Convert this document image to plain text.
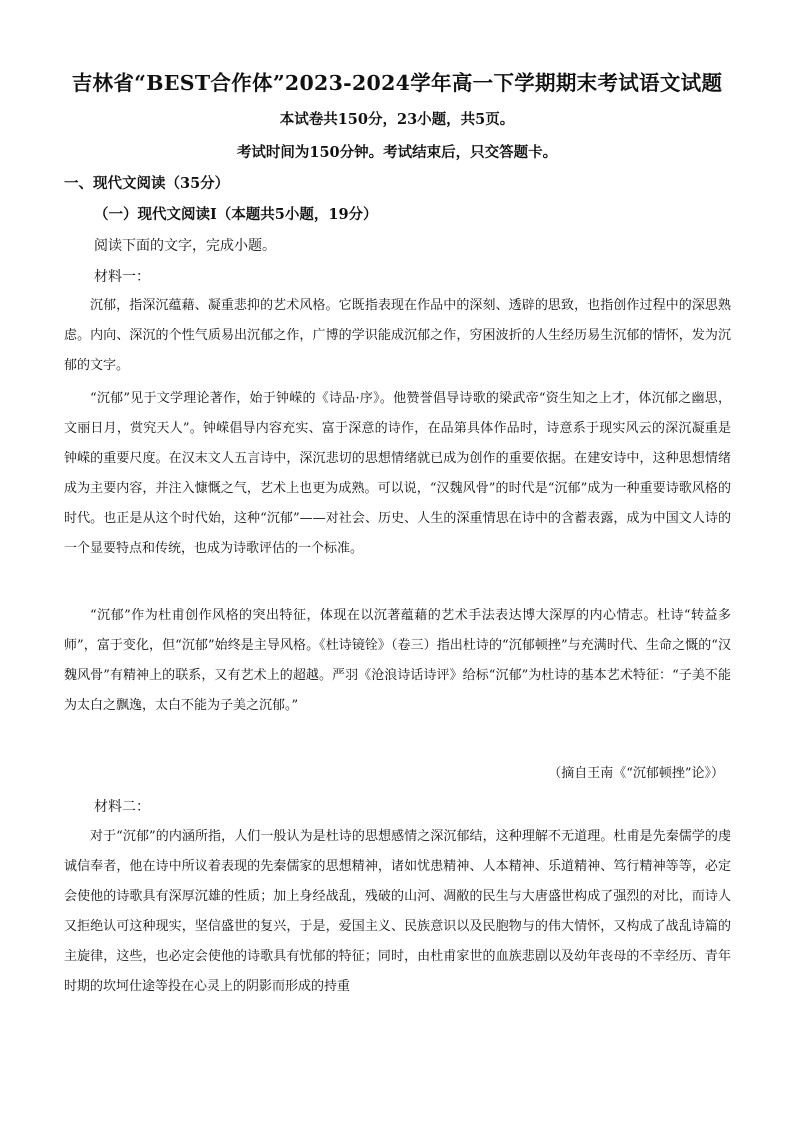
吉林省“BEST合作体”2023-2024学年高一下学期期末考试语文试题
本试卷共150分，23小题，共5页。
考试时间为150分钟。考试结束后，只交答题卡。
一、现代文阅读（35分）
（一）现代文阅读Ⅰ（本题共5小题，19分）
阅读下面的文字，完成小题。
材料一：

沉郁，指深沉蕴藉、凝重悲抑的艺术风格。它既指表现在作品中的深刻、透辟的思致，也指创作过程中的深思熟虑。内向、深沉的个性气质易出沉郁之作，广博的学识能成沉郁之作，穷困波折的人生经历易生沉郁的情怀，发为沉郁的文字。

“沉郁”见于文学理论著作，始于钟嵘的《诗品·序》。他赞誉倡导诗歌的梁武帝“资生知之上才，体沉郁之幽思，文丽日月，赏究天人”。钟嵘倡导内容充实、富于深意的诗作，在品第具体作品时，诗意系于现实风云的深沉凝重是钟嵘的重要尺度。在汉末文人五言诗中，深沉悲切的思想情绪就已成为创作的重要依据。在建安诗中，这种思想情绪成为主要内容，并注入慷慨之气，艺术上也更为成熟。可以说，“汉魏风骨”的时代是“沉郁”成为一种重要诗歌风格的时代。也正是从这个时代始，这种“沉郁”——对社会、历史、人生的深重情思在诗中的含蓄表露，成为中国文人诗的一个显要特点和传统，也成为诗歌评估的一个标准。

“沉郁”作为杜甫创作风格的突出特征，体现在以沉著蕴藉的艺术手法表达博大深厚的内心情志。杜诗“转益多师”，富于变化，但“沉郁”始终是主导风格。《杜诗镜铨》（卷三）指出杜诗的“沉郁顿挫”与充满时代、生命之慨的“汉魏风骨”有精神上的联系，又有艺术上的超越。严羽《沧浪诗话诗评》给标“沉郁”为杜诗的基本艺术特征：“子美不能为太白之飘逸，太白不能为子美之沉郁。”

（摘自王南《“沉郁顿挫”论》）
材料二：

对于“沉郁”的内涵所指，人们一般认为是杜诗的思想感情之深沉郁结，这种理解不无道理。杜甫是先秦儒学的虔诚信奉者，他在诗中所议着表现的先秦儒家的思想精神，诸如忧患精神、人本精神、乐道精神、笃行精神等等，必定会使他的诗歌具有深厚沉雄的性质；加上身经战乱，残破的山河、凋敝的民生与大唐盛世构成了强烈的对比，而诗人又拒绝认可这种现实，坚信盛世的复兴，于是，爱国主义、民族意识以及民胞物与的伟大情怀，又构成了战乱诗篇的主旋律，这些，也必定会使他的诗歌具有忧郁的特征；同时，由杜甫家世的血族悲剧以及幼年丧母的不幸经历、青年时期的坎坷仕途等投在心灵上的阴影而形成的持重
